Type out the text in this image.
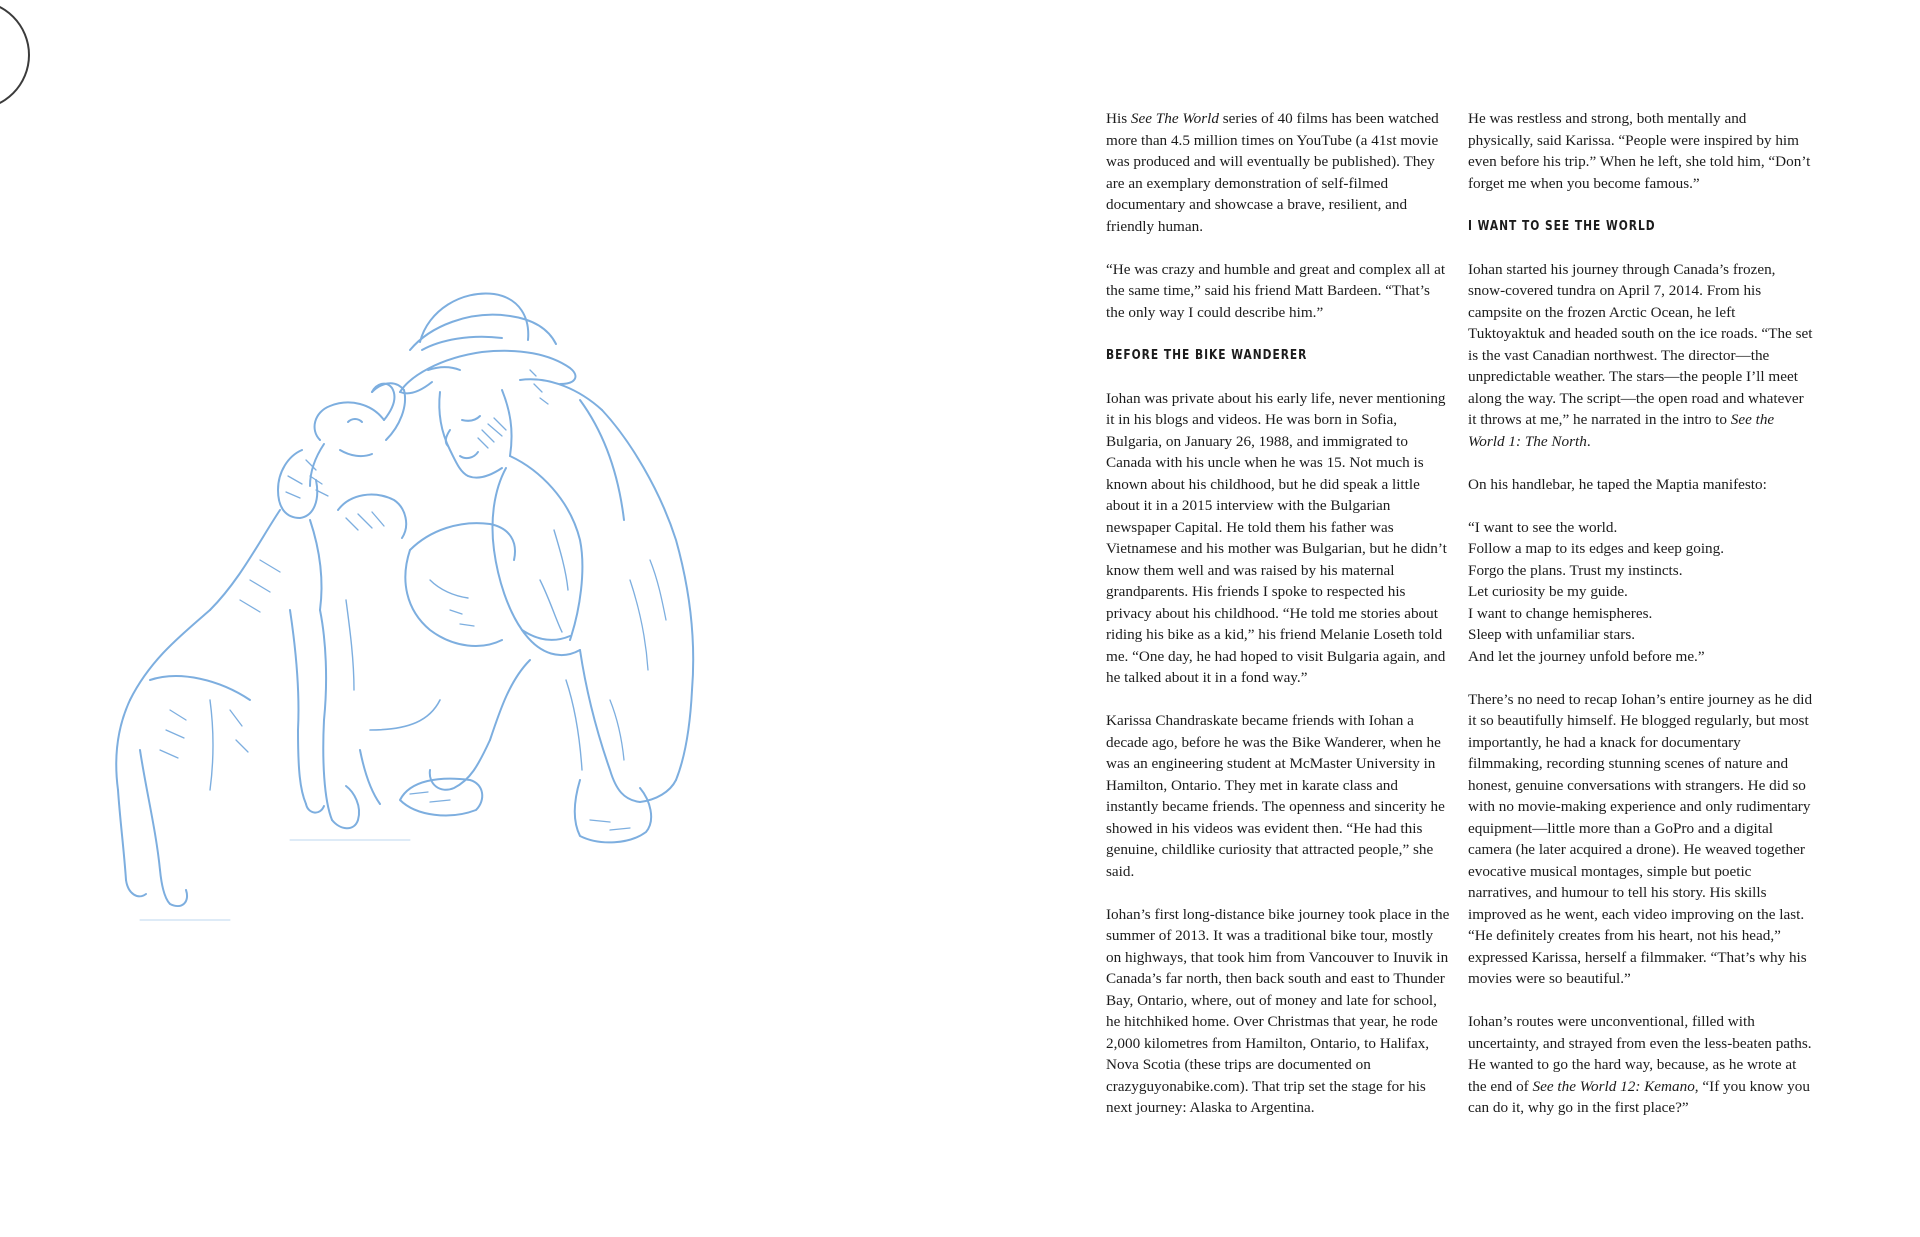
His See The World series of 40 films has been watched more than 4.5 million times on YouTube (a 41st movie was produced and will eventually be published). They are an exemplary demonstration of self-filmed documentary and showcase a brave, resilient, and friendly human.

“He was crazy and humble and great and complex all at the same time,” said his friend Matt Bardeen. “That’s the only way I could describe him.”

BEFORE THE BIKE WANDERER

Iohan was private about his early life, never mentioning it in his blogs and videos. He was born in Sofia, Bulgaria, on January 26, 1988, and immigrated to Canada with his uncle when he was 15. Not much is known about his childhood, but he did speak a little about it in a 2015 interview with the Bulgarian newspaper Capital. He told them his father was Vietnamese and his mother was Bulgarian, but he didn’t know them well and was raised by his maternal grandparents. His friends I spoke to respected his privacy about his childhood. “He told me stories about riding his bike as a kid,” his friend Melanie Loseth told me. “One day, he had hoped to visit Bulgaria again, and he talked about it in a fond way.”

Karissa Chandraskate became friends with Iohan a decade ago, before he was the Bike Wanderer, when he was an engineering student at McMaster University in Hamilton, Ontario. They met in karate class and instantly became friends. The openness and sincerity he showed in his videos was evident then. “He had this genuine, childlike curiosity that attracted people,” she said.

Iohan’s first long-distance bike journey took place in the summer of 2013. It was a traditional bike tour, mostly on highways, that took him from Vancouver to Inuvik in Canada’s far north, then back south and east to Thunder Bay, Ontario, where, out of money and late for school, he hitchhiked home. Over Christmas that year, he rode 2,000 kilometres from Hamilton, Ontario, to Halifax, Nova Scotia (these trips are documented on crazyguyonabike.com). That trip set the stage for his next journey: Alaska to Argentina.

He was restless and strong, both mentally and physically, said Karissa. “People were inspired by him even before his trip.” When he left, she told him, “Don’t forget me when you become famous.”

I WANT TO SEE THE WORLD

Iohan started his journey through Canada’s frozen, snow-covered tundra on April 7, 2014. From his campsite on the frozen Arctic Ocean, he left Tuktoyaktuk and headed south on the ice roads. “The set is the vast Canadian northwest. The director—the unpredictable weather. The stars—the people I’ll meet along the way. The script—the open road and whatever it throws at me,” he narrated in the intro to See the World 1: The North.

On his handlebar, he taped the Maptia manifesto:

“I want to see the world.
Follow a map to its edges and keep going.
Forgo the plans. Trust my instincts.
Let curiosity be my guide.
I want to change hemispheres.
Sleep with unfamiliar stars.
And let the journey unfold before me.”

There’s no need to recap Iohan’s entire journey as he did it so beautifully himself. He blogged regularly, but most importantly, he had a knack for documentary filmmaking, recording stunning scenes of nature and honest, genuine conversations with strangers. He did so with no movie-making experience and only rudimentary equipment—little more than a GoPro and a digital camera (he later acquired a drone). He weaved together evocative musical montages, simple but poetic narratives, and humour to tell his story. His skills improved as he went, each video improving on the last. “He definitely creates from his heart, not his head,” expressed Karissa, herself a filmmaker. “That’s why his movies were so beautiful.”

Iohan’s routes were unconventional, filled with uncertainty, and strayed from even the less-beaten paths. He wanted to go the hard way, because, as he wrote at the end of See the World 12: Kemano, “If you know you can do it, why go in the first place?”
